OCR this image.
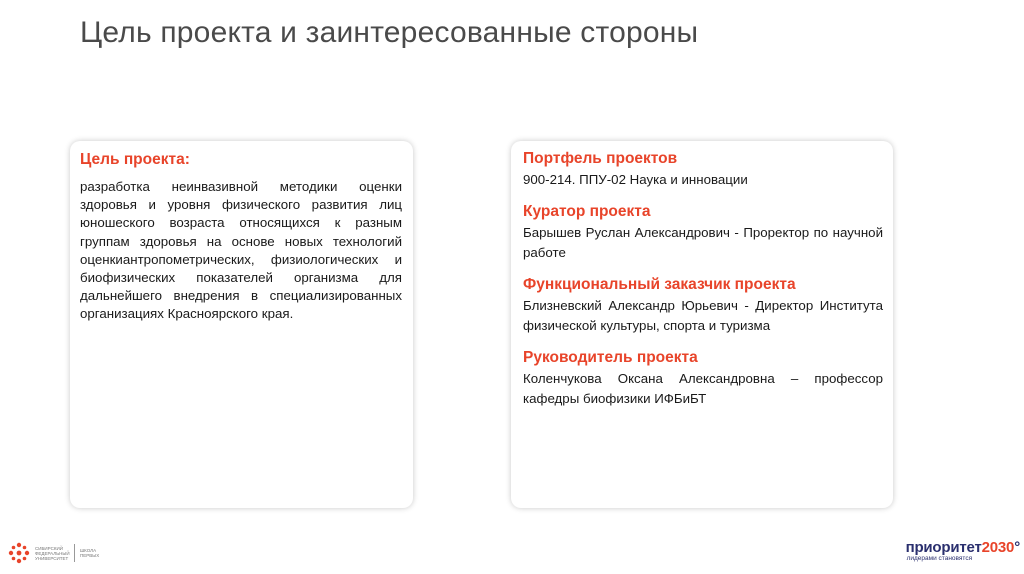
Цель проекта и заинтересованные стороны
Цель проекта:
разработка неинвазивной методики оценки здоровья и уровня физического развития лиц юношеского возраста относящихся к разным группам здоровья на основе новых технологий оценкиантропометрических, физиологических и биофизических показателей организма для дальнейшего внедрения в специализированных организациях Красноярского края.
Портфель проектов
900-214. ППУ-02 Наука и инновации
Куратор проекта
Барышев Руслан Александрович - Проректор по научной работе
Функциональный заказчик проекта
Близневский Александр Юрьевич - Директор Института физической культуры, спорта и туризма
Руководитель проекта
Коленчукова Оксана Александровна – профессор кафедры биофизики ИФБиБТ
СИБИРСКИЙ ФЕДЕРАЛЬНЫЙ УНИВЕРСИТЕТ
ШКОЛА ПЕРВЫХ	приоритет2030°
лидерами становятся
